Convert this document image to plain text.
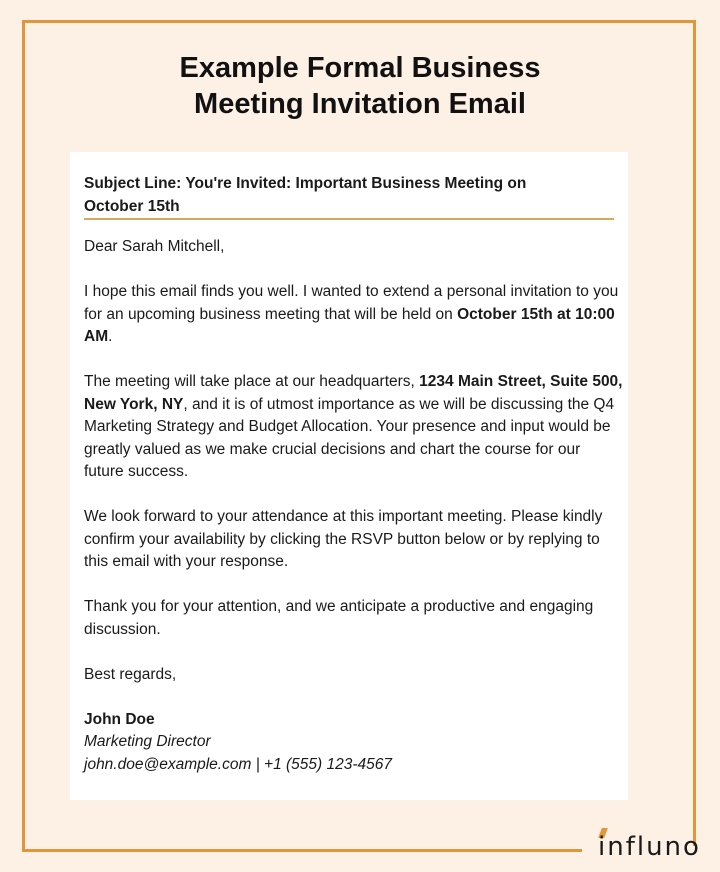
Example Formal Business
Meeting Invitation Email
Subject Line: You're Invited: Important Business Meeting on
October 15th

Dear Sarah Mitchell,

I hope this email finds you well. I wanted to extend a personal invitation to you for an upcoming business meeting that will be held on October 15th at 10:00 AM.

The meeting will take place at our headquarters, 1234 Main Street, Suite 500, New York, NY, and it is of utmost importance as we will be discussing the Q4 Marketing Strategy and Budget Allocation. Your presence and input would be greatly valued as we make crucial decisions and chart the course for our future success.

We look forward to your attendance at this important meeting. Please kindly confirm your availability by clicking the RSVP button below or by replying to this email with your response.

Thank you for your attention, and we anticipate a productive and engaging discussion.

Best regards,

John Doe
Marketing Director
john.doe@example.com | +1 (555) 123-4567
influno
